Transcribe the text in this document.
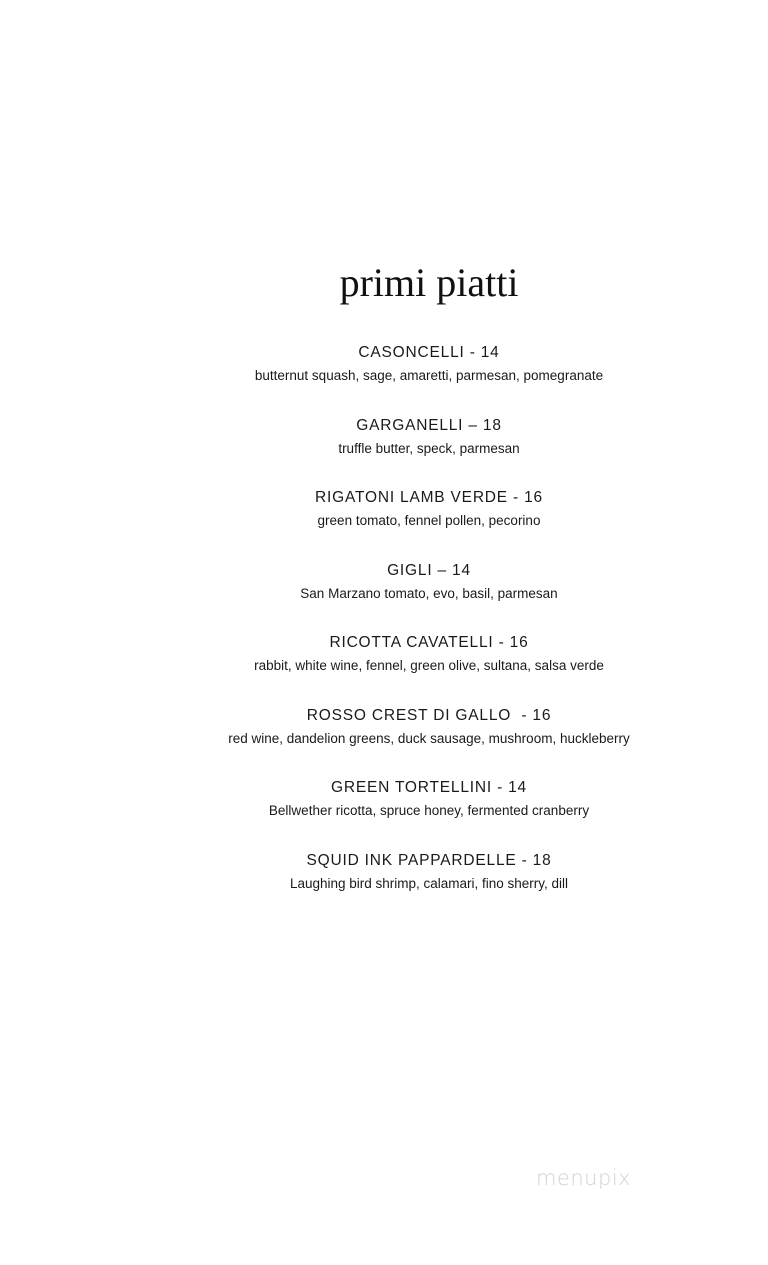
primi piatti
CASONCELLI - 14
butternut squash, sage, amaretti, parmesan, pomegranate
GARGANELLI – 18
truffle butter, speck, parmesan
RIGATONI LAMB VERDE - 16
green tomato, fennel pollen, pecorino
GIGLI – 14
San Marzano tomato, evo, basil, parmesan
RICOTTA CAVATELLI - 16
rabbit, white wine, fennel, green olive, sultana, salsa verde
ROSSO CREST DI GALLO  - 16
red wine, dandelion greens, duck sausage, mushroom, huckleberry
GREEN TORTELLINI - 14
Bellwether ricotta, spruce honey, fermented cranberry
SQUID INK PAPPARDELLE - 18
Laughing bird shrimp, calamari, fino sherry, dill
menupix
